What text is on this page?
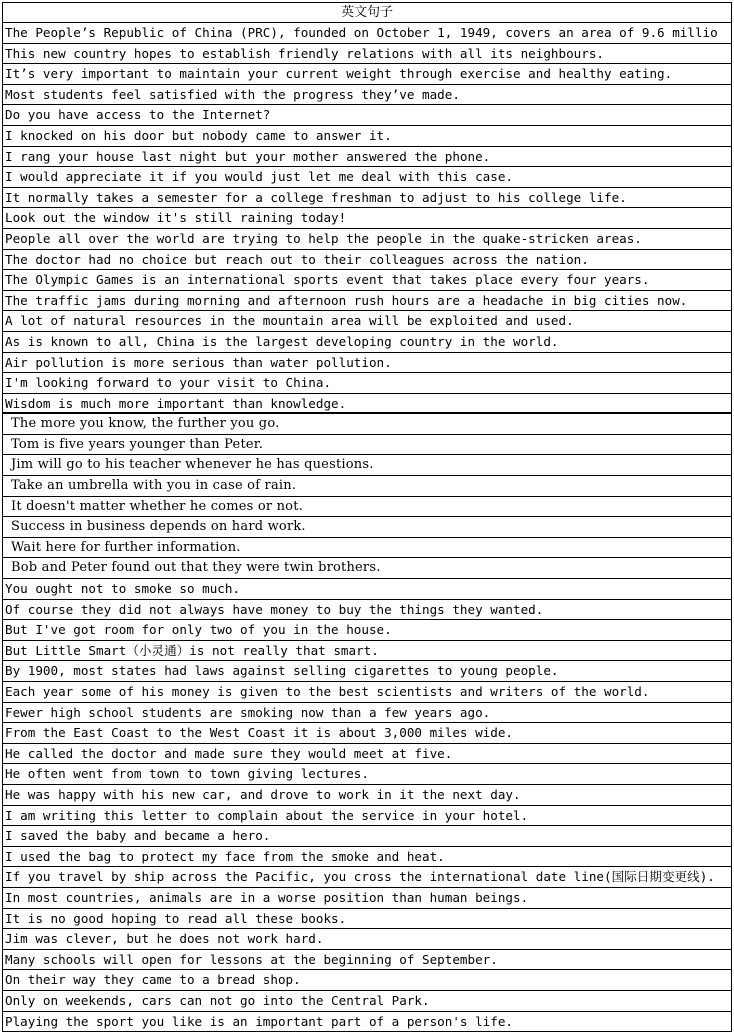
英文句子
The People’s Republic of China (PRC), founded on October 1, 1949, covers an area of 9.6 millio
This new country hopes to establish friendly relations with all its neighbours.
It’s very important to maintain your current weight through exercise and healthy eating.
Most students feel satisfied with the progress they’ve made.
Do you have access to the Internet?
I knocked on his door but nobody came to answer it.
I rang your house last night but your mother answered the phone.
I would appreciate it if you would just let me deal with this case.
It normally takes a semester for a college freshman to adjust to his college life.
Look out the window it's still raining today!
People all over the world are trying to help the people in the quake-stricken areas.
The doctor had no choice but reach out to their colleagues across the nation.
The Olympic Games is an international sports event that takes place every four years.
The traffic jams during morning and afternoon rush hours are a headache in big cities now.
A lot of natural resources in the mountain area will be exploited and used.
As is known to all, China is the largest developing country in the world.
Air pollution is more serious than water pollution.
I'm looking forward to your visit to China.
Wisdom is much more important than knowledge.
The more you know, the further you go.
Tom is five years younger than Peter.
Jim will go to his teacher whenever he has questions.
Take an umbrella with you in case of rain.
It doesn't matter whether he comes or not.
Success in business depends on hard work.
Wait here for further information.
Bob and Peter found out that they were twin brothers.
You ought not to smoke so much.
Of course they did not always have money to buy the things they wanted.
But I've got room for only two of you in the house.
But Little Smart（小灵通）is not really that smart.
By 1900, most states had laws against selling cigarettes to young people.
Each year some of his money is given to the best scientists and writers of the world.
Fewer high school students are smoking now than a few years ago.
From the East Coast to the West Coast it is about 3,000 miles wide.
He called the doctor and made sure they would meet at five.
He often went from town to town giving lectures.
He was happy with his new car, and drove to work in it the next day.
I am writing this letter to complain about the service in your hotel.
I saved the baby and became a hero.
I used the bag to protect my face from the smoke and heat.
If you travel by ship across the Pacific, you cross the international date line(国际日期变更线).
In most countries, animals are in a worse position than human beings.
It is no good hoping to read all these books.
Jim was clever, but he does not work hard.
Many schools will open for lessons at the beginning of September.
On their way they came to a bread shop.
Only on weekends, cars can not go into the Central Park.
Playing the sport you like is an important part of a person's life.
